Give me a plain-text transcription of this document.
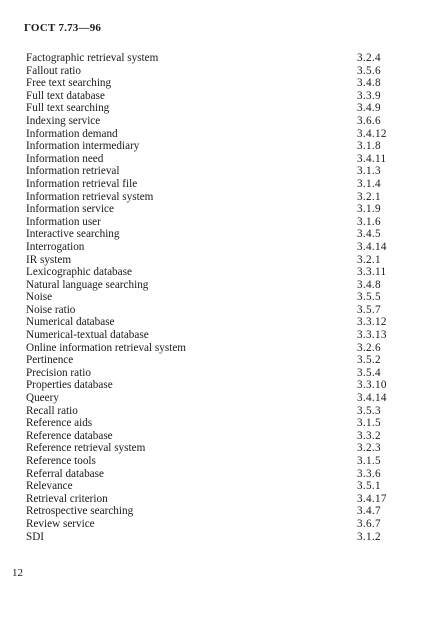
ГОСТ 7.73—96
Factographic retrieval system	3.2.4
Fallout ratio	3.5.6
Free text searching	3.4.8
Full text database	3.3.9
Full text searching	3.4.9
Indexing service	3.6.6
Information demand	3.4.12
Information intermediary	3.1.8
Information need	3.4.11
Information retrieval	3.1.3
Information retrieval file	3.1.4
Information retrieval system	3.2.1
Information service	3.1.9
Information user	3.1.6
Interactive searching	3.4.5
Interrogation	3.4.14
IR system	3.2.1
Lexicographic database	3.3.11
Natural language searching	3.4.8
Noise	3.5.5
Noise ratio	3.5.7
Numerical database	3.3.12
Numerical-textual database	3.3.13
Online information retrieval system	3.2.6
Pertinence	3.5.2
Precision ratio	3.5.4
Properties database	3.3.10
Queery	3.4.14
Recall ratio	3.5.3
Reference aids	3.1.5
Reference database	3.3.2
Reference retrieval system	3.2.3
Reference tools	3.1.5
Referral database	3.3.6
Relevance	3.5.1
Retrieval criterion	3.4.17
Retrospective searching	3.4.7
Review service	3.6.7
SDI	3.1.2
12
